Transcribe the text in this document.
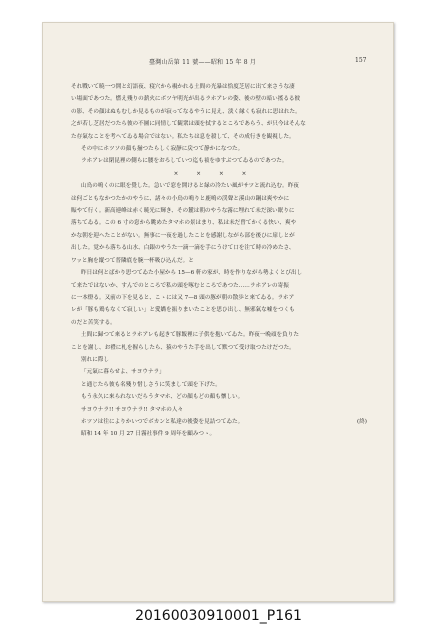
臺灣山岳第 11 號——昭和 15 年 8 月	157

それ戰いて暁一つ開と幻語夜、寝穴から覗かれる土間の光暴は恰度芝居に出て来さうな凄

い場面であつた。燃え殘りの薪火にボツヤ明光が出るラホアレの姿、後の壁の暗い搖るる彼

の影、その顔はぬもむしか見るものが寂ってなるやうに見え、淡く縁くも寂れに思はれた。

之が若し芝居だつたら彼の不圖に同情して観衆は頭を拭するところであらう、が只今はそんな

た存氣なことを考へてゐる場合ではない。私たちは息を殺して、その成行きを観視した。

その中にホツソの顔も揃つたらしく寂靜に戻つて静かになつた。

ラホアレは閉昆裡の側らに腰をおろしていつ迄も祓をゆすぶつてゐるのであつた。

××××

山鳥の鳴くのに眼を覺した。急いで窓を開けると緑の冷たい風がサツと流れ込む。昨夜

は何ごともなかつたかのやうに、諸々の小鳥の鳴りと鹿鳴の渓聲と溪山の鋼は爽やかに

賑やて行く。新高連峰は赤く暁光に輝き、その麓は朝のやうな霧に埋れて未だ深い眠りに

落ちてゐる。この 6 寸の窓から眺めたタマホの景はまり、私は未だ曾てかくる快い、爽や

かな朝を迎へたことがない。無事に一夜を過したことを感謝しながら部を後ひに扉しとが

出した。覚から落ちる山水、白銀のやうた一滴一滴を手にうけて口を注て時の冷めたさ、

ワッと胸を縦つて普隣底を腕一杯吸ひ込んだ。と

昨日は何とばかり思つてゐた小屋から 15—6 軒の家が、時を作りながら勢よくとび出し

て来たではないか、すんでのところで私の頭を啄むところであつた……ラホアレの寄振

に一本燈る。又前の下を見ると、こゝには又 7—8 頭の豚が朝の散歩と來てゐる。ラホア

レが「豚も鶏もなくて寂しい」と愛嬌を振りまいたことを思ひ出し、無邪氣な嘘をつくも

のだと苦笑する。

土間に歸つて來るとラホアレも起きて豚飯裡に子供を抱いてゐた。昨夜一晩頑を負りた

ことを謝し、お禮に札を握らしたら、猿のやうた手を出して默つて受け取つたけだつた。

別れに際し

「元氣に暮らせよ、サヨウナラ」

と通じたら彼も名殘り惜しさうに笑まして頭を下げた。

もう永久に來られないだらうタマホ、どの顏もどの顏も懷しい。

サヨウナラ!! サヨウナラ!! タマホの人々

ホツソは往によりかいつでボカンと私達の後姿を見詰つてゐた。	(終)

昭和 14 年 10 月 27 日霧社事件 9 周年を顧みつゝ。

20160030910001_P161
